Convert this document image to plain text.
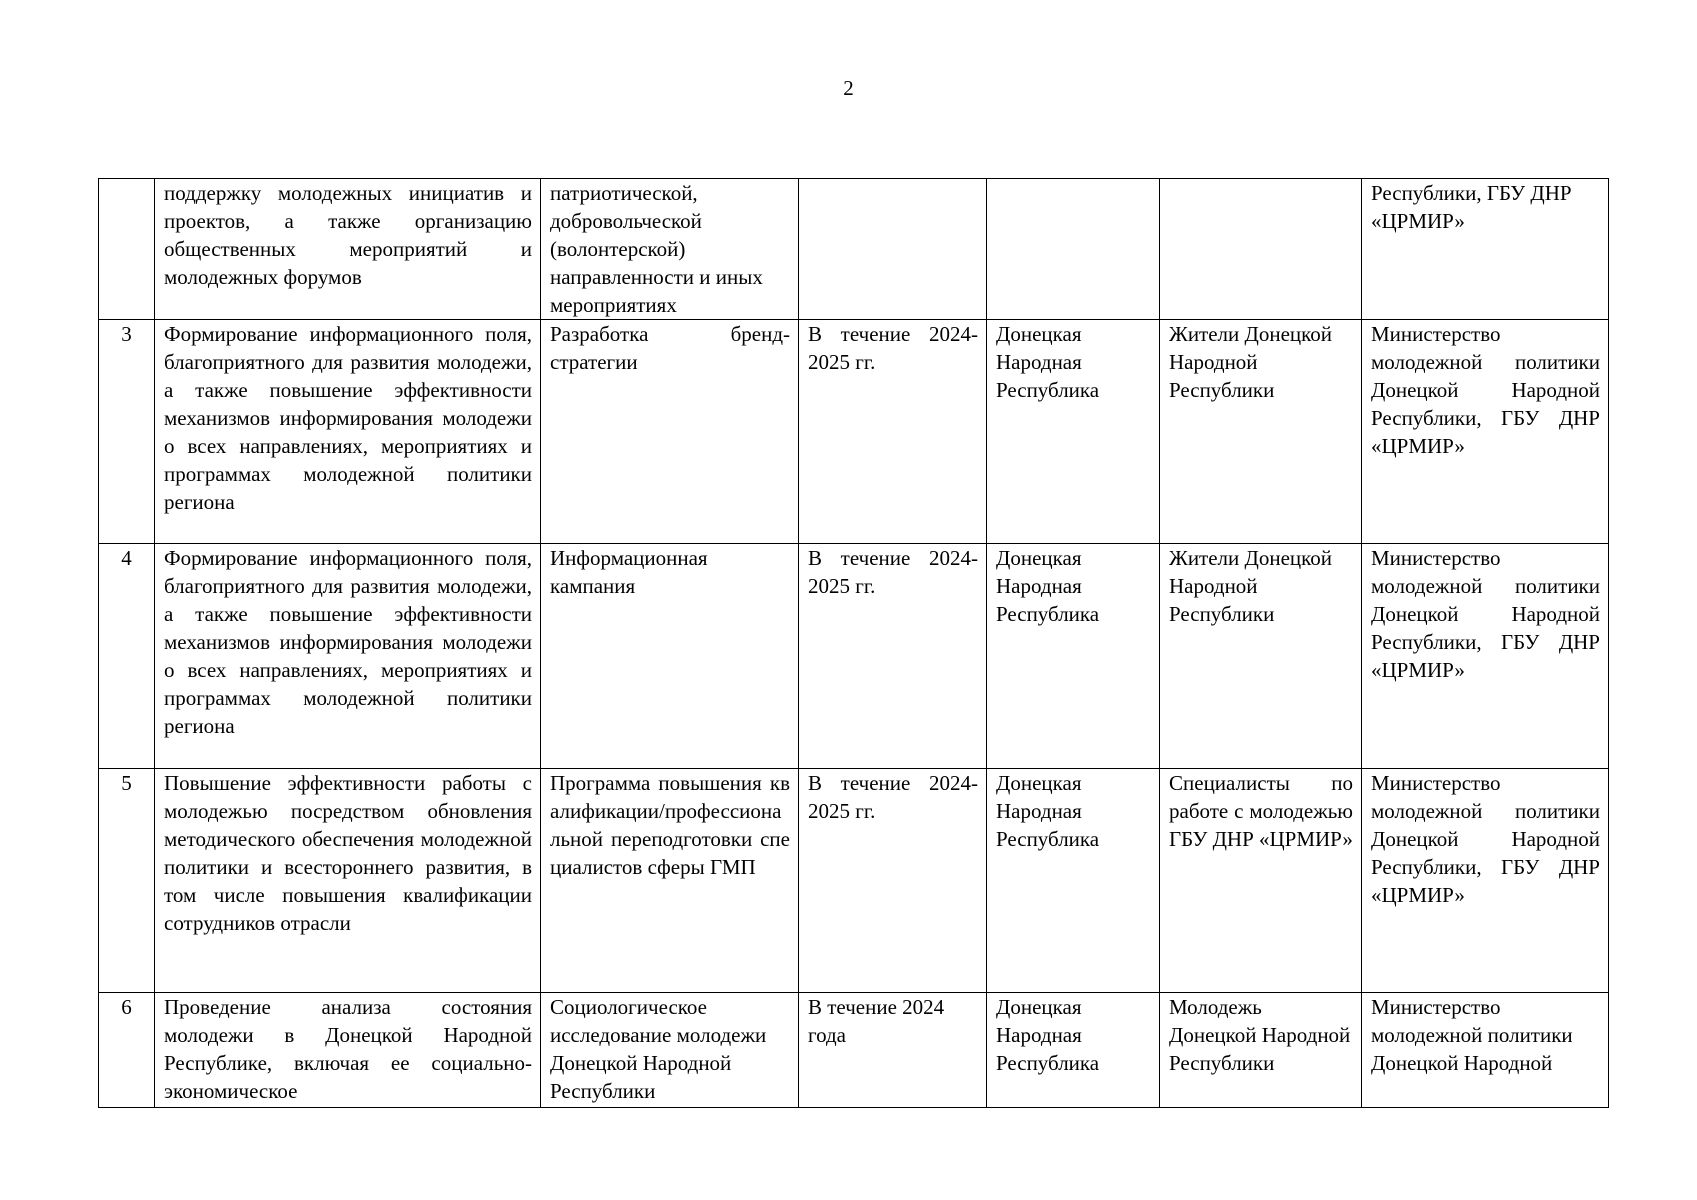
2
	поддержку молодежных инициатив и проектов, а также организацию общественных мероприятий и молодежных форумов	патриотической, добровольческой (волонтерской) направленности и иных мероприятиях				Республики, ГБУ ДНР «ЦРМИР»
3	Формирование информационного поля, благоприятного для развития молодежи, а также повышение эффективности механизмов информирования молодежи о всех направлениях, мероприятиях и программах молодежной политики региона	Разработка бренд-стратегии	В течение 2024-2025 гг.	Донецкая Народная Республика	Жители Донецкой Народной Республики	Министерство молодежной политики Донецкой Народной Республики, ГБУ ДНР «ЦРМИР»
4	Формирование информационного поля, благоприятного для развития молодежи, а также повышение эффективности механизмов информирования молодежи о всех направлениях, мероприятиях и программах молодежной политики региона	Информационная кампания	В течение 2024-2025 гг.	Донецкая Народная Республика	Жители Донецкой Народной Республики	Министерство молодежной политики Донецкой Народной Республики, ГБУ ДНР «ЦРМИР»
5	Повышение эффективности работы с молодежью посредством обновления методического обеспечения молодежной политики и всестороннего развития, в том числе повышения квалификации сотрудников отрасли	Программа повышения квалификации/профессиональной переподготовки специалистов сферы ГМП	В течение 2024-2025 гг.	Донецкая Народная Республика	Специалисты по работе с молодежью ГБУ ДНР «ЦРМИР»	Министерство молодежной политики Донецкой Народной Республики, ГБУ ДНР «ЦРМИР»
6	Проведение анализа состояния молодежи в Донецкой Народной Республике, включая ее социально-экономическое	Социологическое исследование молодежи Донецкой Народной Республики	В течение 2024 года	Донецкая Народная Республика	Молодежь Донецкой Народной Республики	Министерство молодежной политики Донецкой Народной
